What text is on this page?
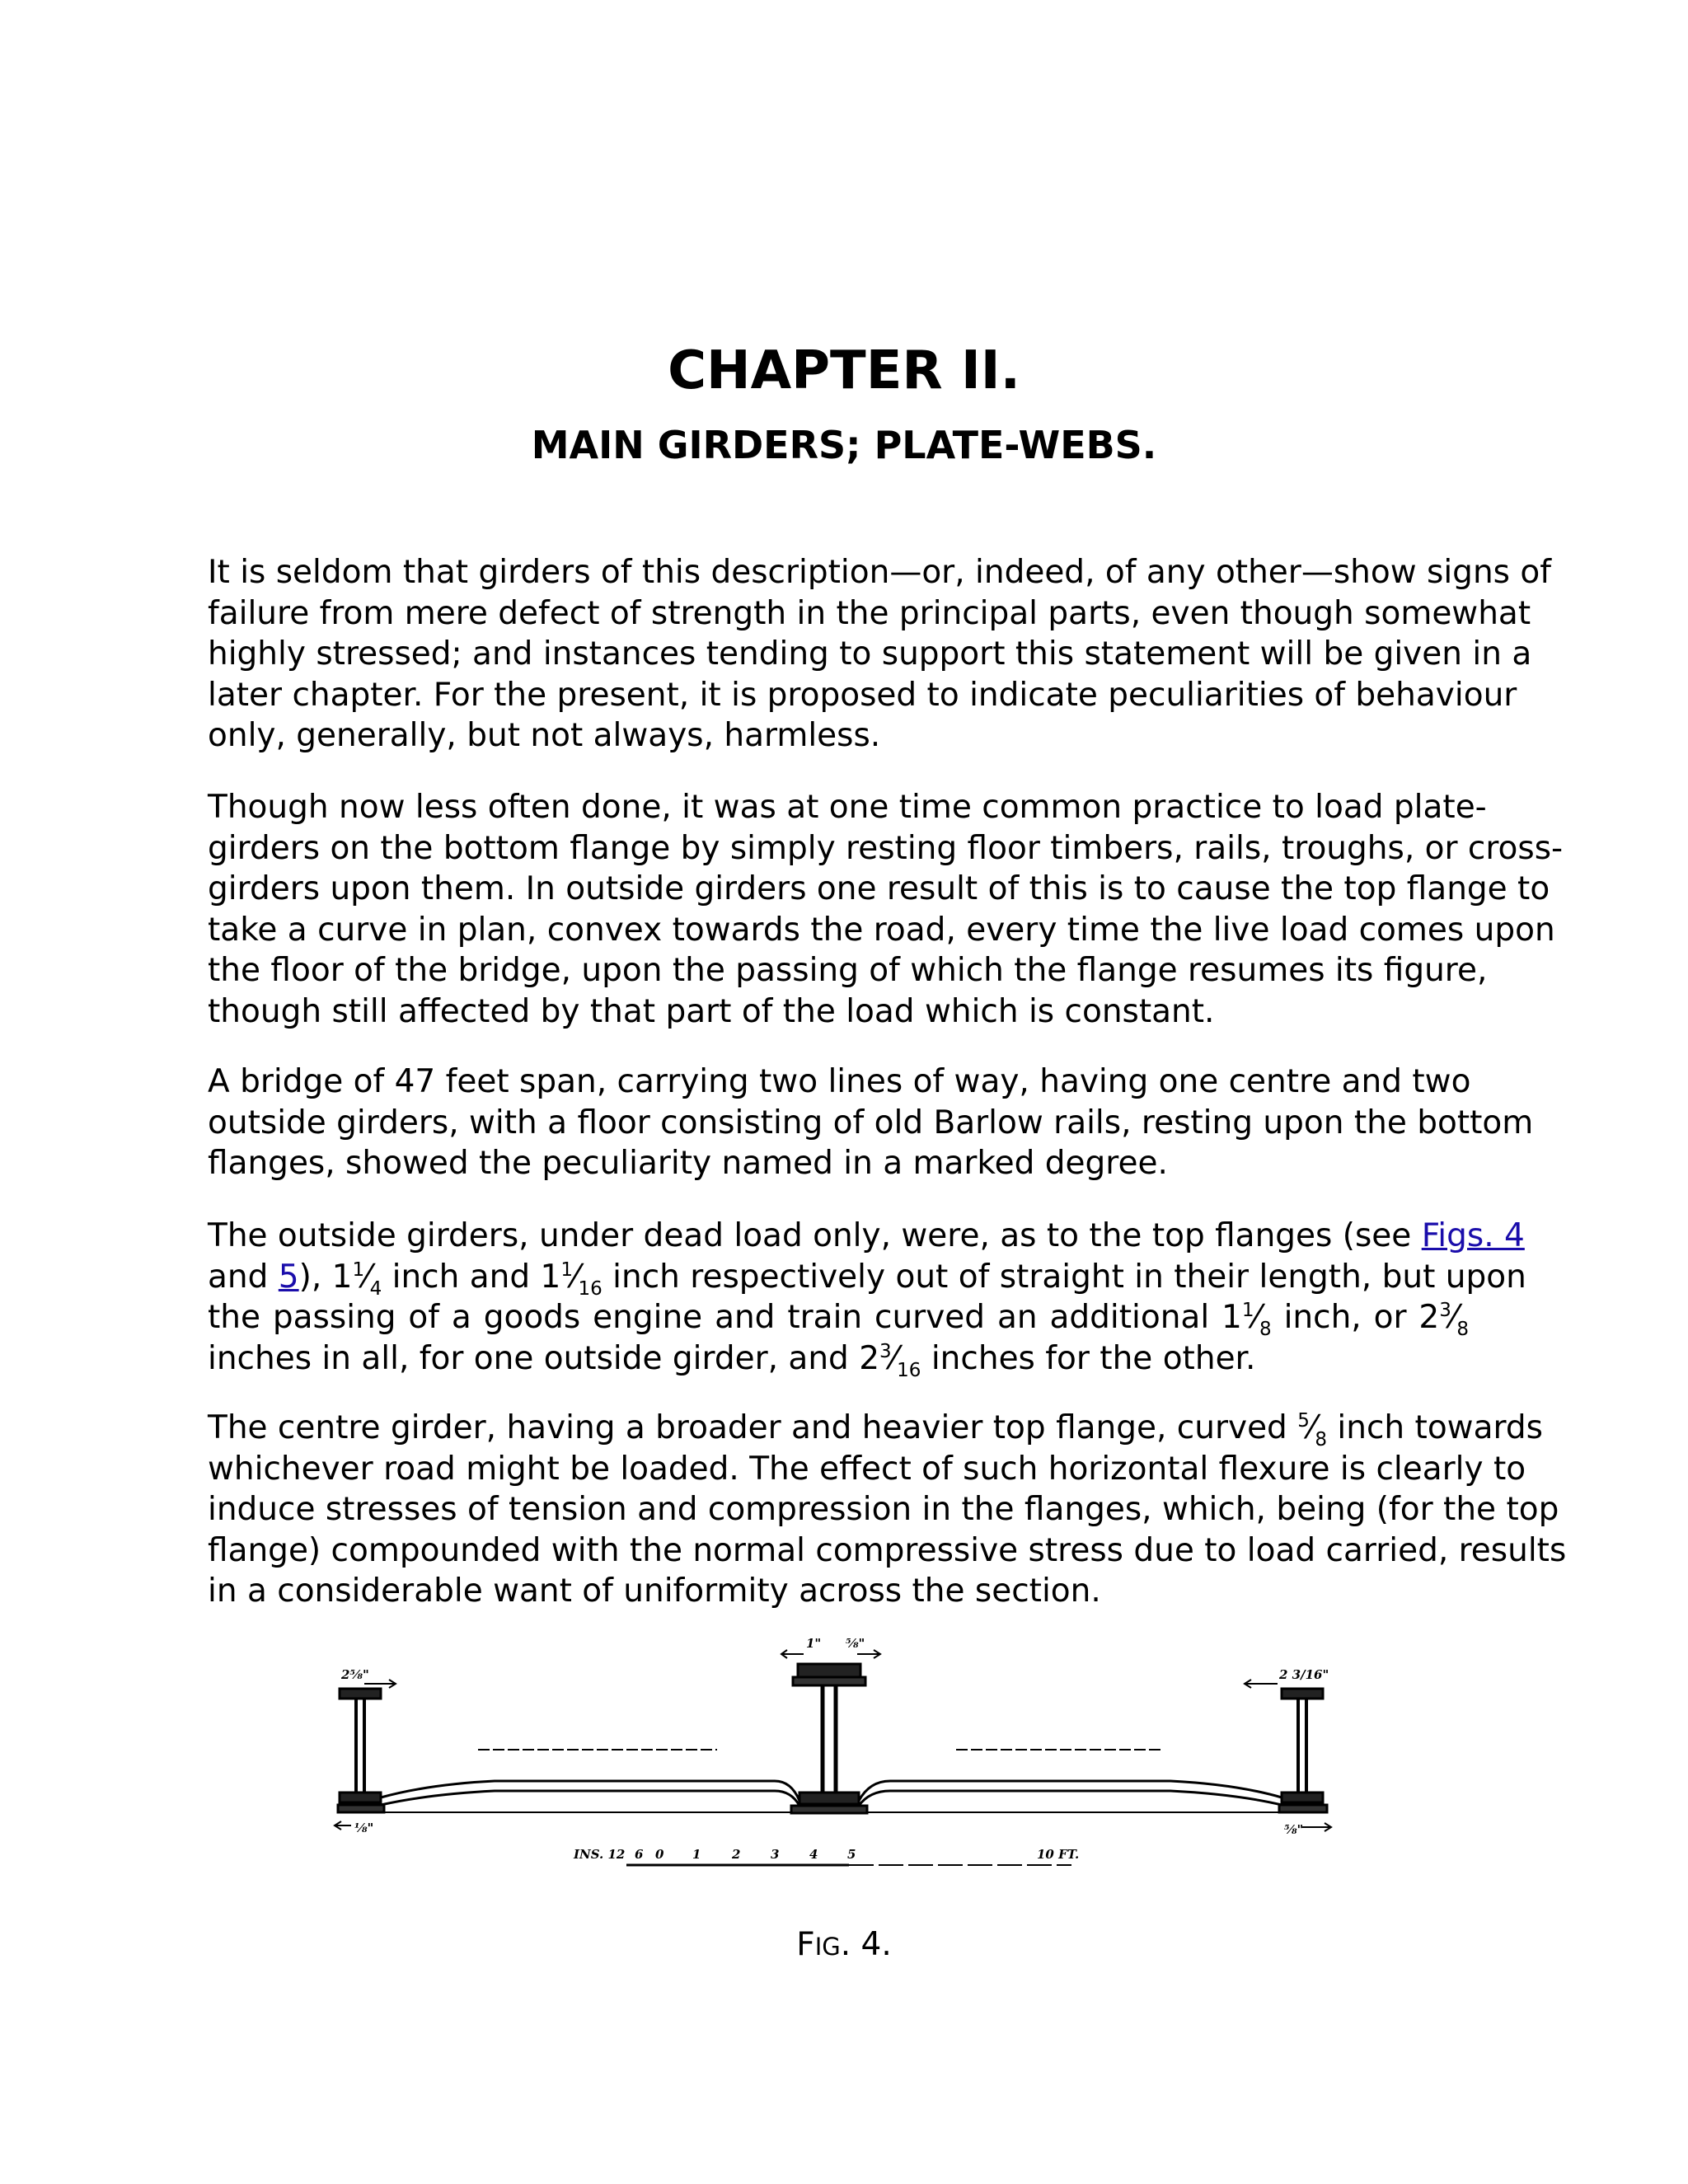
CHAPTER II.
MAIN GIRDERS; PLATE-WEBS.
It is seldom that girders of this description—or, indeed, of any other—show signs of
failure from mere defect of strength in the principal parts, even though somewhat
highly stressed; and instances tending to support this statement will be given in a
later chapter. For the present, it is proposed to indicate peculiarities of behaviour
only, generally, but not always, harmless.
Though now less often done, it was at one time common practice to load plate-
girders on the bottom flange by simply resting floor timbers, rails, troughs, or cross-
girders upon them. In outside girders one result of this is to cause the top flange to
take a curve in plan, convex towards the road, every time the live load comes upon
the floor of the bridge, upon the passing of which the flange resumes its figure,
though still affected by that part of the load which is constant.
A bridge of 47 feet span, carrying two lines of way, having one centre and two
outside girders, with a floor consisting of old Barlow rails, resting upon the bottom
flanges, showed the peculiarity named in a marked degree.
The outside girders, under dead load only, were, as to the top flanges (see Figs. 4
and 5), $1^1⁄_4$ inch and $1^1⁄_{16}$ inch respectively out of straight in their length, but upon
the passing of a goods engine and train curved an additional $1^1⁄_8$ inch, or $2^3⁄_8$
inches in all, for one outside girder, and $2^3⁄_{16}$ inches for the other.
The centre girder, having a broader and heavier top flange, curved $^5⁄_8$ inch towards
whichever road might be loaded. The effect of such horizontal flexure is clearly to
induce stresses of tension and compression in the flanges, which, being (for the top
flange) compounded with the normal compressive stress due to load carried, results
in a considerable want of uniformity across the section.
2⅝"
1" ⅝"
2 3/16"
⅛"	⅝"
INS. 12 6 0 1	2 3 4 5	10 FT.
FIG. 4.
